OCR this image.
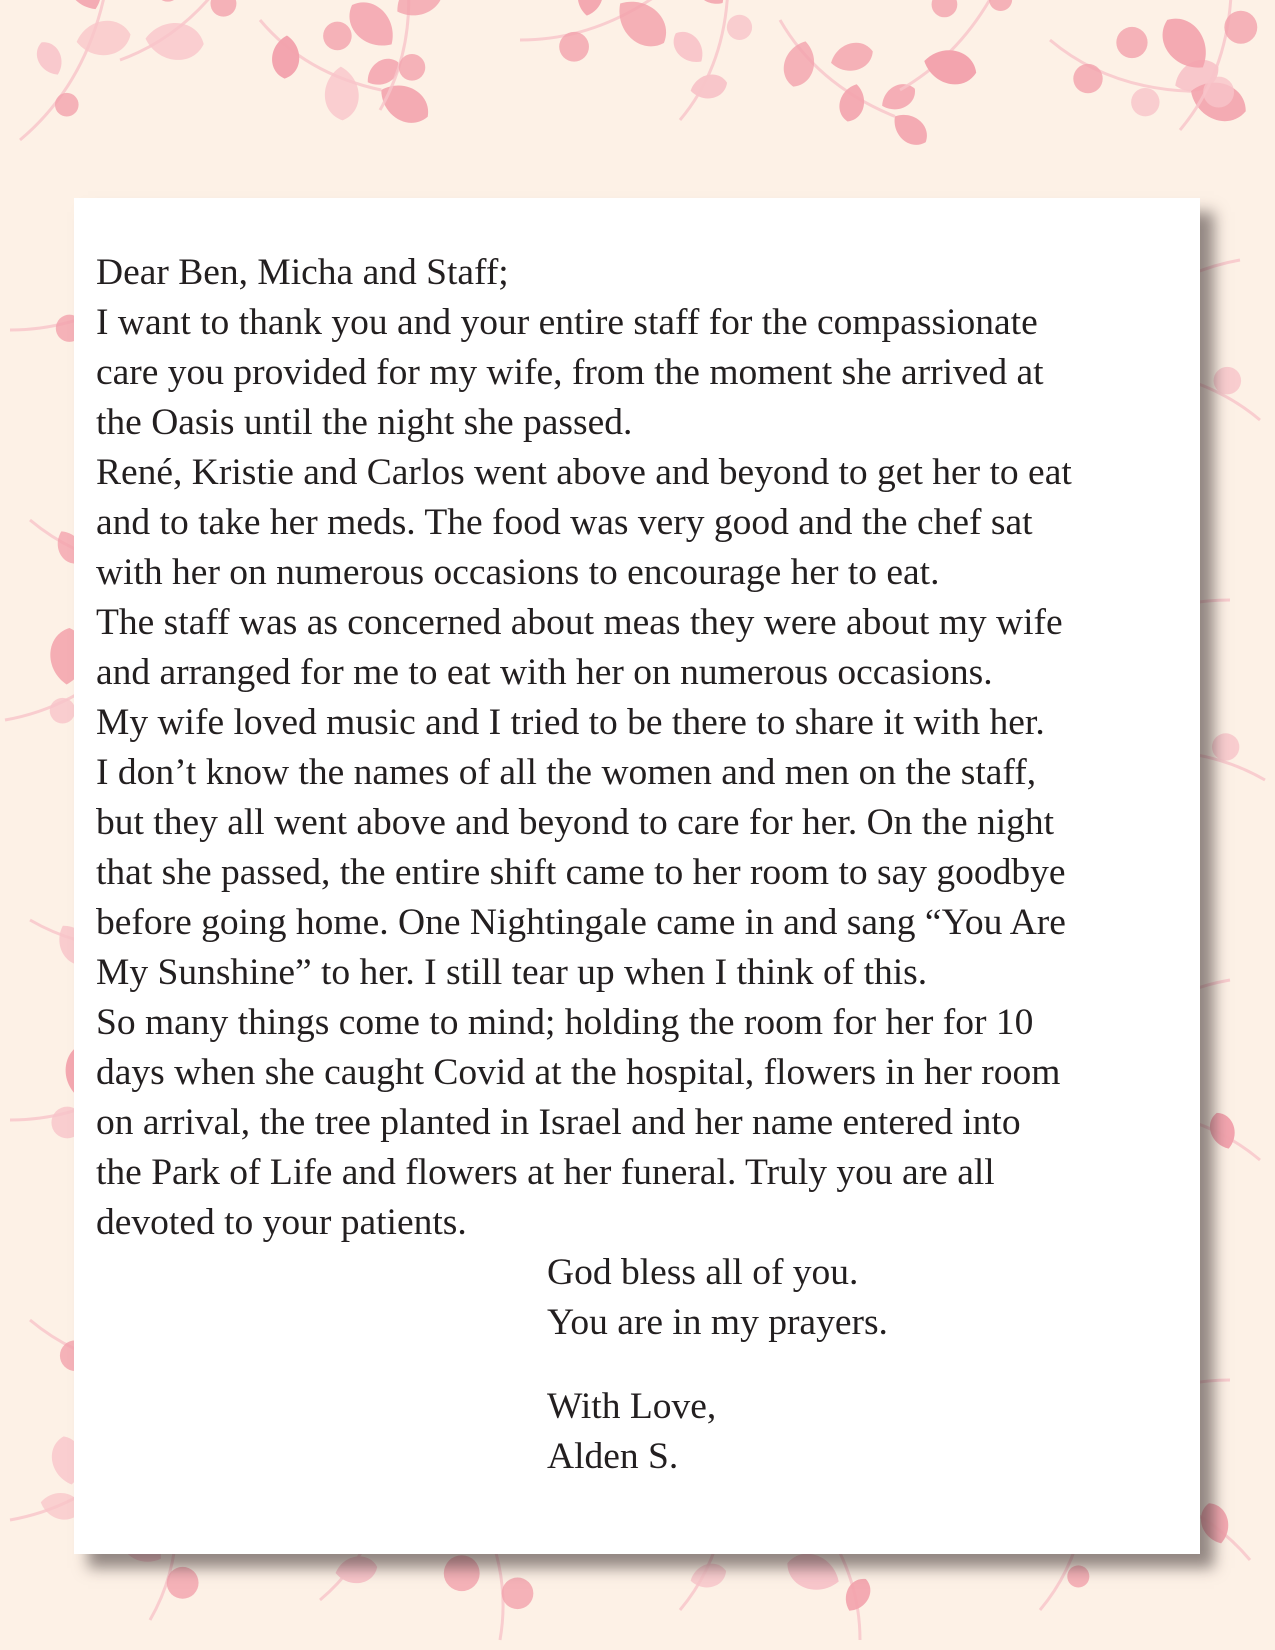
Dear Ben, Micha and Staff;

I want to thank you and your entire staff for the compassionate
care you provided for my wife, from the moment she arrived at
the Oasis until the night she passed.

René, Kristie and Carlos went above and beyond to get her to eat
and to take her meds. The food was very good and the chef sat
with her on numerous occasions to encourage her to eat.

The staff was as concerned about meas they were about my wife
and arranged for me to eat with her on numerous occasions.

My wife loved music and I tried to be there to share it with her.

I don’t know the names of all the women and men on the staff,
but they all went above and beyond to care for her. On the night
that she passed, the entire shift came to her room to say goodbye
before going home. One Nightingale came in and sang “You Are
My Sunshine” to her. I still tear up when I think of this.

So many things come to mind; holding the room for her for 10
days when she caught Covid at the hospital, flowers in her room
on arrival, the tree planted in Israel and her name entered into
the Park of Life and flowers at her funeral. Truly you are all
devoted to your patients.

God bless all of you.
You are in my prayers.
With Love,
Alden S.
